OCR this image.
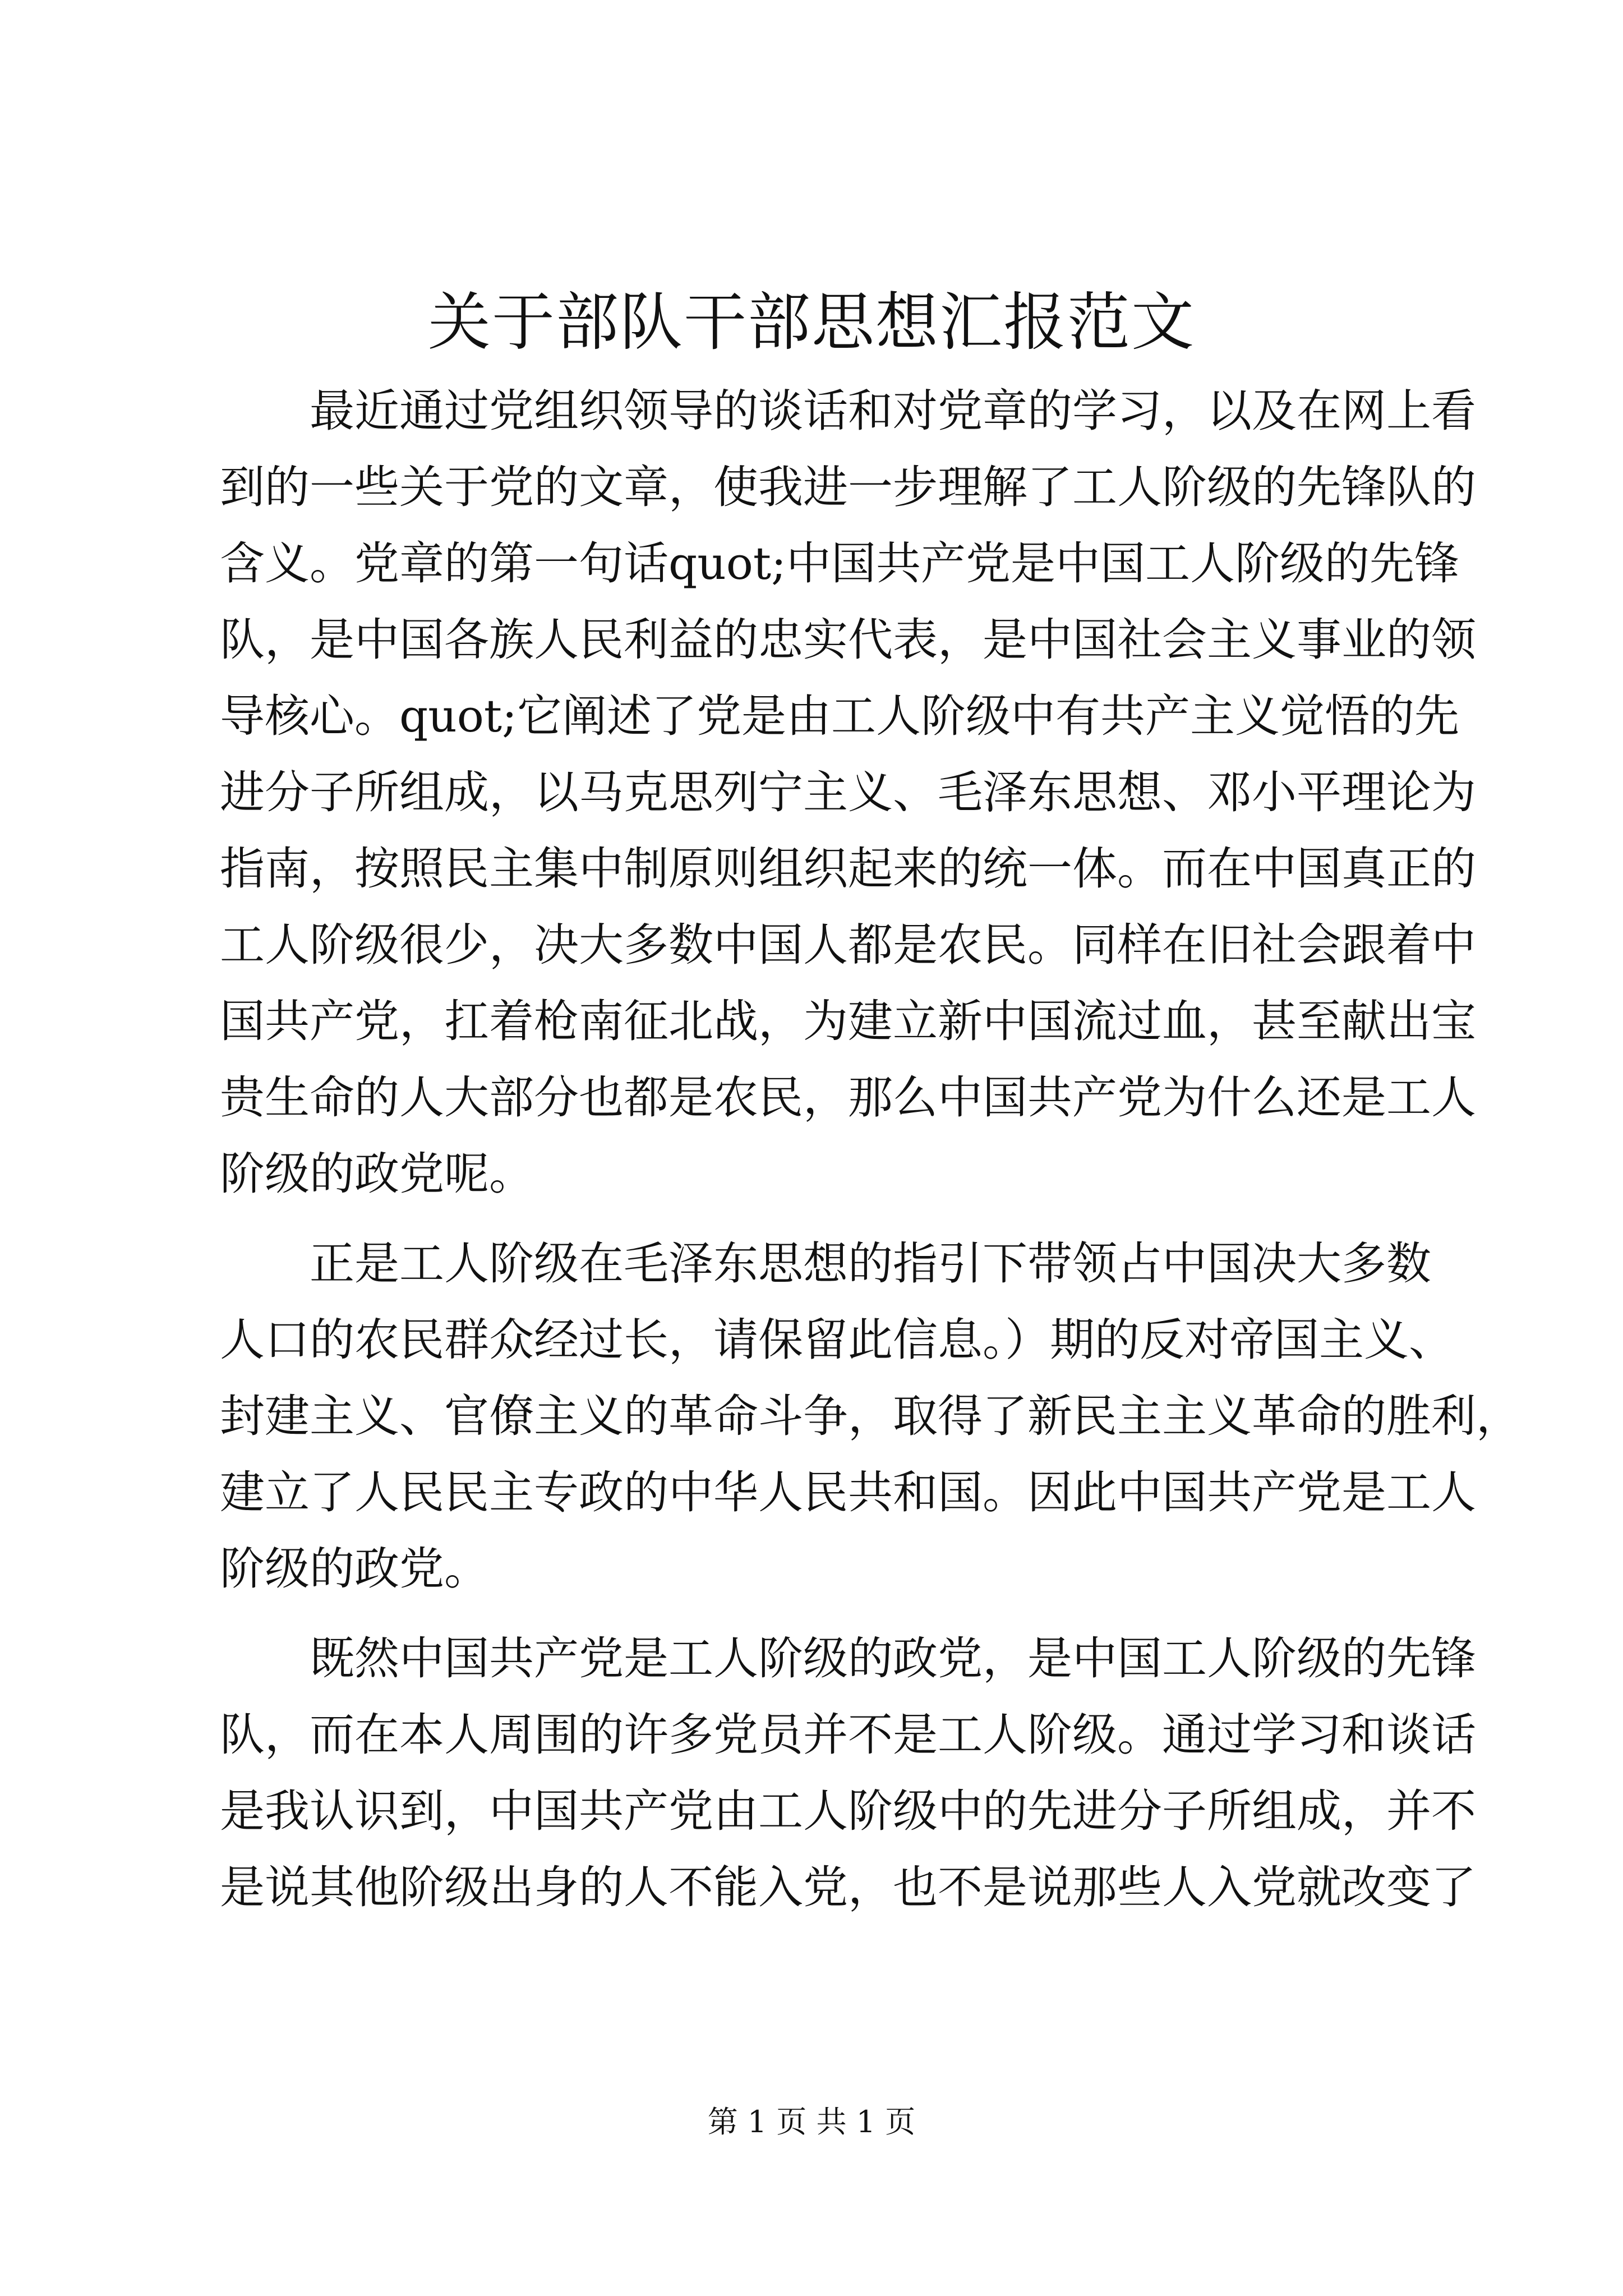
关于部队干部思想汇报范文
最近通过党组织领导的谈话和对党章的学习，以及在网上看
到的一些关于党的文章，使我进一步理解了工人阶级的先锋队的
含义。党章的第一句话quot;中国共产党是中国工人阶级的先锋
队，是中国各族人民利益的忠实代表，是中国社会主义事业的领
导核心。quot;它阐述了党是由工人阶级中有共产主义觉悟的先
进分子所组成，以马克思列宁主义、毛泽东思想、邓小平理论为
指南，按照民主集中制原则组织起来的统一体。而在中国真正的
工人阶级很少，决大多数中国人都是农民。同样在旧社会跟着中
国共产党，扛着枪南征北战，为建立新中国流过血，甚至献出宝
贵生命的人大部分也都是农民，那么中国共产党为什么还是工人
阶级的政党呢。
正是工人阶级在毛泽东思想的指引下带领占中国决大多数
人口的农民群众经过长，请保留此信息。）期的反对帝国主义、
封建主义、官僚主义的革命斗争，取得了新民主主义革命的胜利，
建立了人民民主专政的中华人民共和国。因此中国共产党是工人
阶级的政党。
既然中国共产党是工人阶级的政党，是中国工人阶级的先锋
队，而在本人周围的许多党员并不是工人阶级。通过学习和谈话
是我认识到，中国共产党由工人阶级中的先进分子所组成，并不
是说其他阶级出身的人不能入党，也不是说那些人入党就改变了
第 1 页 共 1 页
